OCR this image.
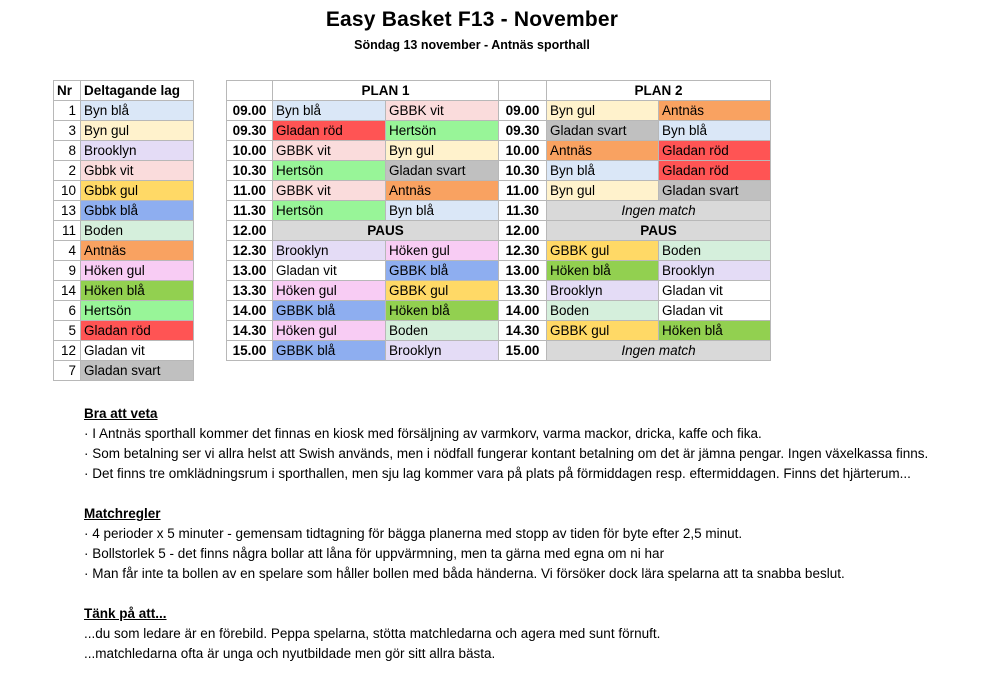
Easy Basket F13 - November
Söndag 13 november - Antnäs sporthall
Nr	Deltagande lag
1	Byn blå
3	Byn gul
8	Brooklyn
2	Gbbk vit
10	Gbbk gul
13	Gbbk blå
11	Boden
4	Antnäs
9	Höken gul
14	Höken blå
6	Hertsön
5	Gladan röd
12	Gladan vit
7	Gladan svart
	PLAN 1			PLAN 2	
09.00	Byn blå	GBBK vit	09.00	Byn gul	Antnäs
09.30	Gladan röd	Hertsön	09.30	Gladan svart	Byn blå
10.00	GBBK vit	Byn gul	10.00	Antnäs	Gladan röd
10.30	Hertsön	Gladan svart	10.30	Byn blå	Gladan röd
11.00	GBBK vit	Antnäs	11.00	Byn gul	Gladan svart
11.30	Hertsön	Byn blå	11.30	Ingen match	
12.00	PAUS		12.00	PAUS	
12.30	Brooklyn	Höken gul	12.30	GBBK gul	Boden
13.00	Gladan vit	GBBK blå	13.00	Höken blå	Brooklyn
13.30	Höken gul	GBBK gul	13.30	Brooklyn	Gladan vit
14.00	GBBK blå	Höken blå	14.00	Boden	Gladan vit
14.30	Höken gul	Boden	14.30	GBBK gul	Höken blå
15.00	GBBK blå	Brooklyn	15.00	Ingen match	
Bra att veta
· I Antnäs sporthall kommer det finnas en kiosk med försäljning av varmkorv, varma mackor, dricka, kaffe och fika.
· Som betalning ser vi allra helst att Swish används, men i nödfall fungerar kontant betalning om det är jämna pengar. Ingen växelkassa finns.
· Det finns tre omklädningsrum i sporthallen, men sju lag kommer vara på plats på förmiddagen resp. eftermiddagen. Finns det hjärterum...
Matchregler
· 4 perioder x 5 minuter - gemensam tidtagning för bägga planerna med stopp av tiden för byte efter 2,5 minut.
· Bollstorlek 5 - det finns några bollar att låna för uppvärmning, men ta gärna med egna om ni har
· Man får inte ta bollen av en spelare som håller bollen med båda händerna. Vi försöker dock lära spelarna att ta snabba beslut.
Tänk på att...
...du som ledare är en förebild. Peppa spelarna, stötta matchledarna och agera med sunt förnuft.
...matchledarna ofta är unga och nyutbildade men gör sitt allra bästa.
